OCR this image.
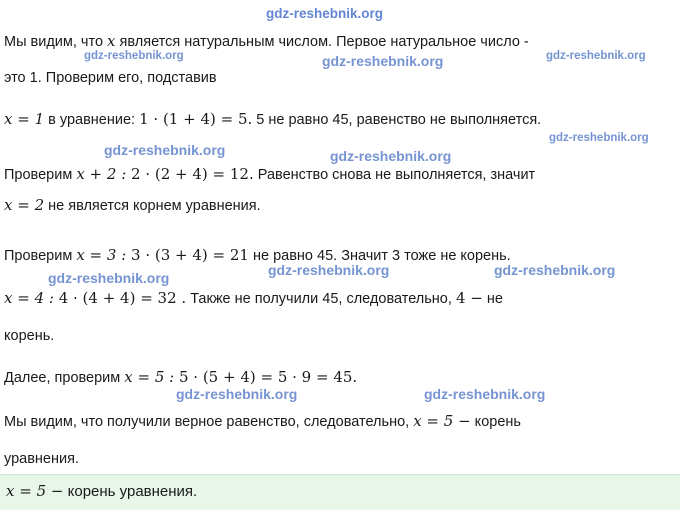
gdz-reshebnik.org
gdz-reshebnik.org	gdz-reshebnik.org
gdz-reshebnik.org
gdz-reshebnik.org
gdz-reshebnik.org	gdz-reshebnik.org
gdz-reshebnik.org	gdz-reshebnik.org	gdz-reshebnik.org
gdz-reshebnik.org	gdz-reshebnik.org
Мы видим, что x является натуральным числом. Первое натуральное число -
это 1. Проверим его, подставив
x = 1 в уравнение: 1 · (1 + 4) = 5. 5 не равно 45, равенство не выполняется.
Проверим x + 2 : 2 · (2 + 4) = 12. Равенство снова не выполняется, значит
x = 2 не является корнем уравнения.
Проверим x = 3 : 3 · (3 + 4) = 21 не равно 45. Значит 3 тоже не корень.
x = 4 : 4 · (4 + 4) = 32 . Также не получили 45, следовательно, 4 − не
корень.
Далее, проверим x = 5 : 5 · (5 + 4) = 5 · 9 = 45.
Мы видим, что получили верное равенство, следовательно, x = 5 − корень
уравнения.
x = 5 − корень уравнения.
